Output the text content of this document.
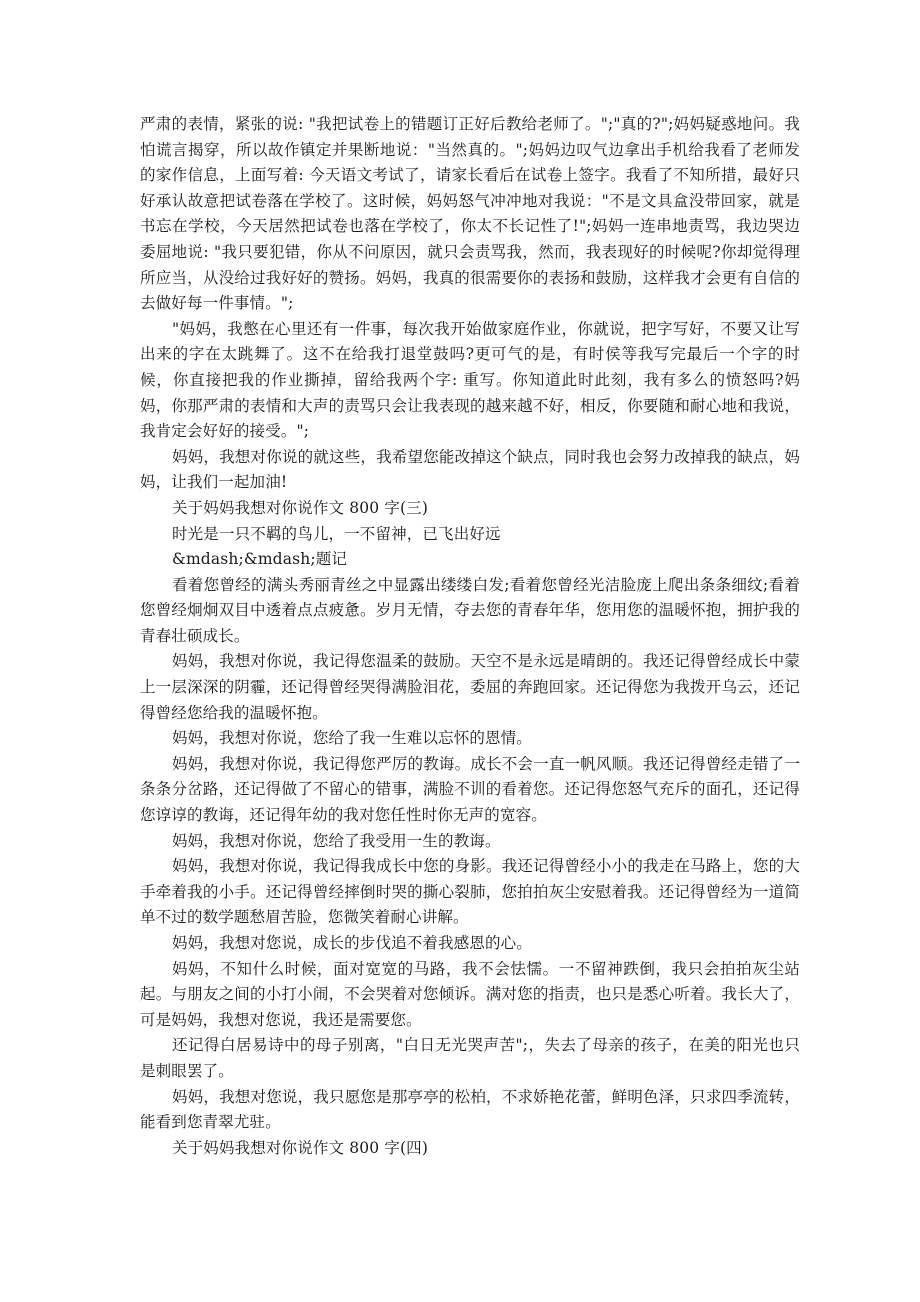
严肃的表情，紧张的说: "我把试卷上的错题订正好后教给老师了。";"真的?";妈妈疑惑地问。我怕谎言揭穿，所以故作镇定并果断地说："当然真的。";妈妈边叹气边拿出手机给我看了老师发的家作信息，上面写着: 今天语文考试了，请家长看后在试卷上签字。我看了不知所措，最好只好承认故意把试卷落在学校了。这时候，妈妈怒气冲冲地对我说："不是文具盒没带回家，就是书忘在学校，今天居然把试卷也落在学校了，你太不长记性了!";妈妈一连串地责骂，我边哭边委屈地说: "我只要犯错，你从不问原因，就只会责骂我，然而，我表现好的时候呢?你却觉得理所应当，从没给过我好好的赞扬。妈妈，我真的很需要你的表扬和鼓励，这样我才会更有自信的去做好每一件事情。";

"妈妈，我憋在心里还有一件事，每次我开始做家庭作业，你就说，把字写好，不要又让写出来的字在太跳舞了。这不在给我打退堂鼓吗?更可气的是，有时侯等我写完最后一个字的时候，你直接把我的作业撕掉，留给我两个字: 重写。你知道此时此刻，我有多么的愤怒吗?妈妈，你那严肃的表情和大声的责骂只会让我表现的越来越不好，相反，你要随和耐心地和我说，我肯定会好好的接受。";

妈妈，我想对你说的就这些，我希望您能改掉这个缺点，同时我也会努力改掉我的缺点，妈妈，让我们一起加油!

关于妈妈我想对你说作文 800 字(三)

时光是一只不羁的鸟儿，一不留神，已飞出好远

&mdash;&mdash;题记

看着您曾经的满头秀丽青丝之中显露出缕缕白发;看着您曾经光洁脸庞上爬出条条细纹;看着您曾经炯炯双目中透着点点疲惫。岁月无情，夺去您的青春年华，您用您的温暖怀抱，拥护我的青春壮硕成长。

妈妈，我想对你说，我记得您温柔的鼓励。天空不是永远是晴朗的。我还记得曾经成长中蒙上一层深深的阴霾，还记得曾经哭得满脸泪花，委屈的奔跑回家。还记得您为我拨开乌云，还记得曾经您给我的温暖怀抱。

妈妈，我想对你说，您给了我一生难以忘怀的恩情。

妈妈，我想对你说，我记得您严厉的教诲。成长不会一直一帆风顺。我还记得曾经走错了一条条分岔路，还记得做了不留心的错事，满脸不训的看着您。还记得您怒气充斥的面孔，还记得您谆谆的教诲，还记得年幼的我对您任性时你无声的宽容。

妈妈，我想对你说，您给了我受用一生的教诲。

妈妈，我想对你说，我记得我成长中您的身影。我还记得曾经小小的我走在马路上，您的大手牵着我的小手。还记得曾经摔倒时哭的撕心裂肺，您拍拍灰尘安慰着我。还记得曾经为一道简单不过的数学题愁眉苦脸，您微笑着耐心讲解。

妈妈，我想对您说，成长的步伐追不着我感恩的心。

妈妈，不知什么时候，面对宽宽的马路，我不会怯懦。一不留神跌倒，我只会拍拍灰尘站起。与朋友之间的小打小闹，不会哭着对您倾诉。满对您的指责，也只是悉心听着。我长大了，可是妈妈，我想对您说，我还是需要您。

还记得白居易诗中的母子别离，"白日无光哭声苦";，失去了母亲的孩子，在美的阳光也只是刺眼罢了。

妈妈，我想对您说，我只愿您是那亭亭的松柏，不求娇艳花蕾，鲜明色泽，只求四季流转，能看到您青翠尤驻。

关于妈妈我想对你说作文 800 字(四)
